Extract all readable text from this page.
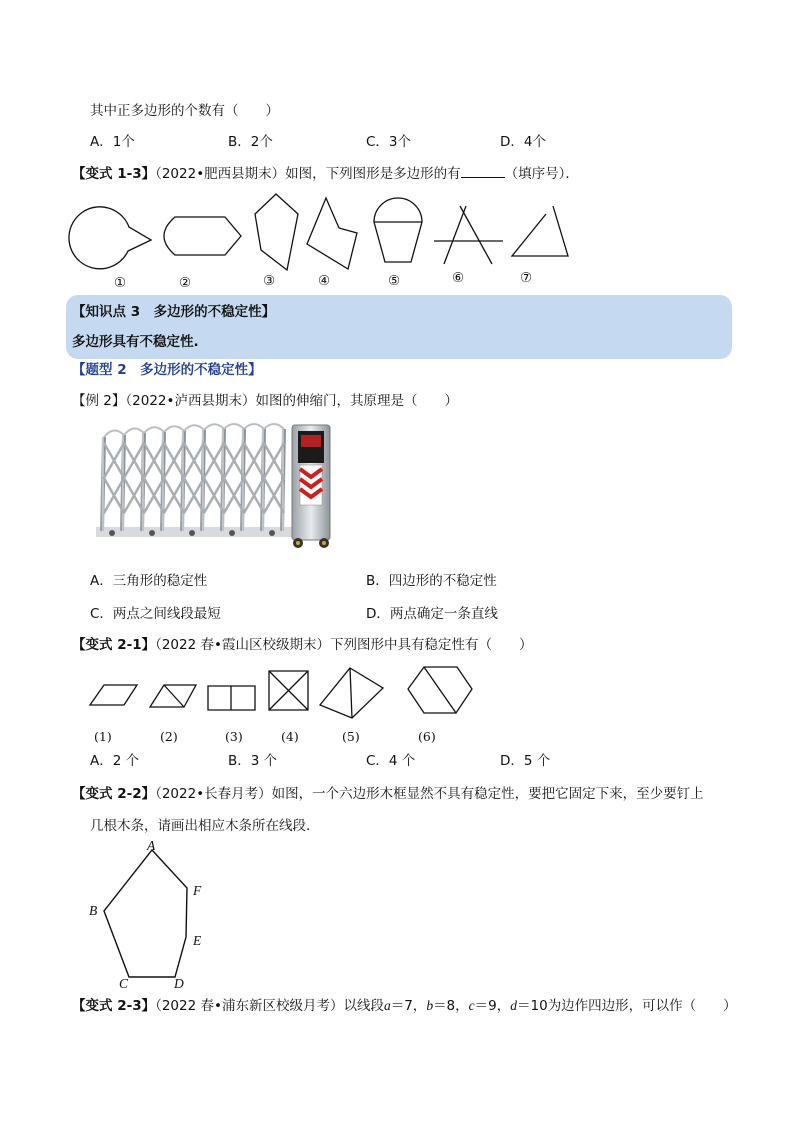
其中正多边形的个数有（　　）
A．1个	B．2个	C．3个	D．4个
【变式 1-3】（2022•肥西县期末）如图，下列图形是多边形的有	（填序号）．
①	②	③	④	⑤	⑥	⑦
【知识点 3　多边形的不稳定性】
多边形具有不稳定性.
【题型 2　多边形的不稳定性】
【例 2】（2022•泸西县期末）如图的伸缩门，其原理是（　　）
A．三角形的稳定性	B．四边形的不稳定性
C．两点之间线段最短	D．两点确定一条直线
【变式 2-1】（2022 春•霞山区校级期末）下列图形中具有稳定性有（　　）
(1)	(2)	(3)	(4)	(5)	(6)
A．2 个	B．3 个	C．4 个	D．5 个
【变式 2-2】（2022•长春月考）如图，一个六边形木框显然不具有稳定性，要把它固定下来，至少要钉上
几根木条，请画出相应木条所在线段．
A
B
C	D
E
F
【变式 2-3】（2022 春•浦东新区校级月考）以线段a＝7，b＝8，c＝9，d＝10为边作四边形，可以作（　　）
